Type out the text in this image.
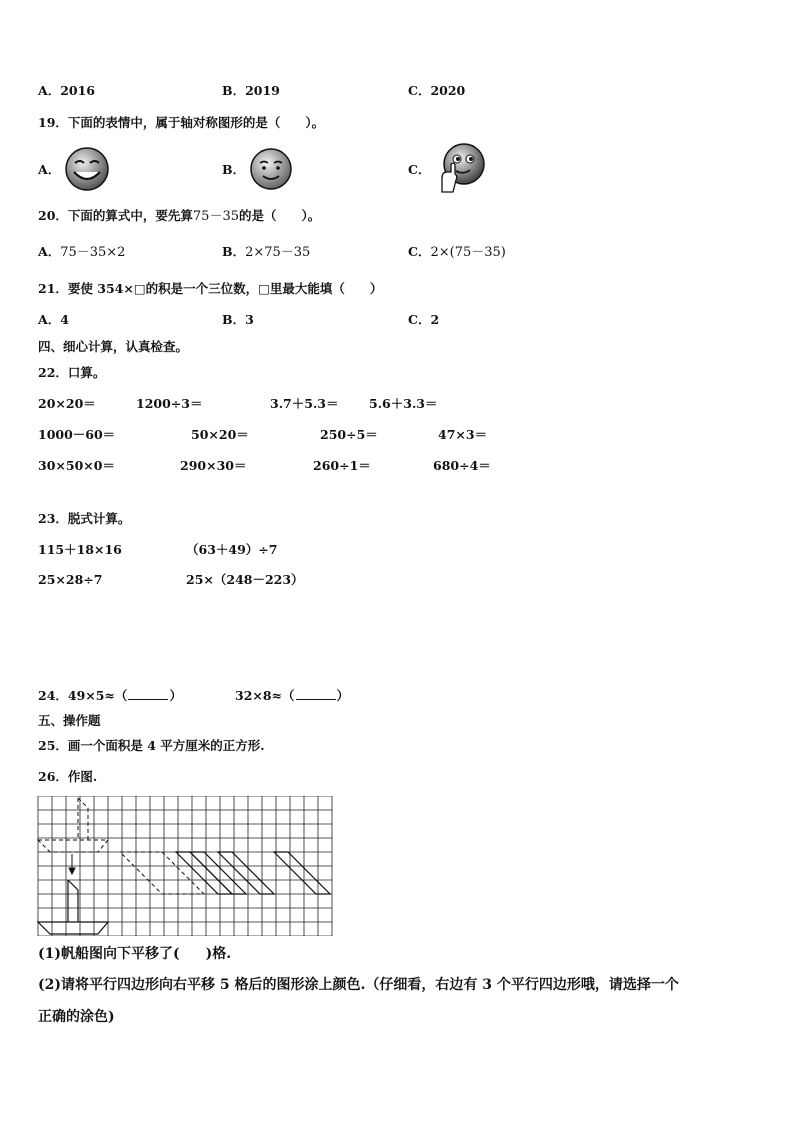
A．2016	B．2019	C．2020
19．下面的表情中，属于轴对称图形的是（　　）。
A．	B．	C．
20．下面的算式中，要先算75－35的是（　　）。
A．75－35×2	B．2×75－35	C．2×(75－35)
21．要使 354×□的积是一个三位数，□里最大能填（　　）
A．4	B．3	C．2
四、细心计算，认真检查。
22．口算。
20×20＝	1200÷3＝	3.7＋5.3＝ 5.6＋3.3＝
1000－60＝	50×20＝	250÷5＝	47×3＝
30×50×0＝	290×30＝	260÷1＝	680÷4＝
23．脱式计算。
115＋18×16	（63＋49）÷7
25×28÷7	25×（248－223）
24．49×5≈（	）	32×8≈（	）
五、操作题
25．画一个面积是 4 平方厘米的正方形.
26．作图.
(1)帆船图向下平移了( )格.
(2)请将平行四边形向右平移 5 格后的图形涂上颜色.（仔细看，右边有 3 个平行四边形哦，请选择一个
正确的涂色)
